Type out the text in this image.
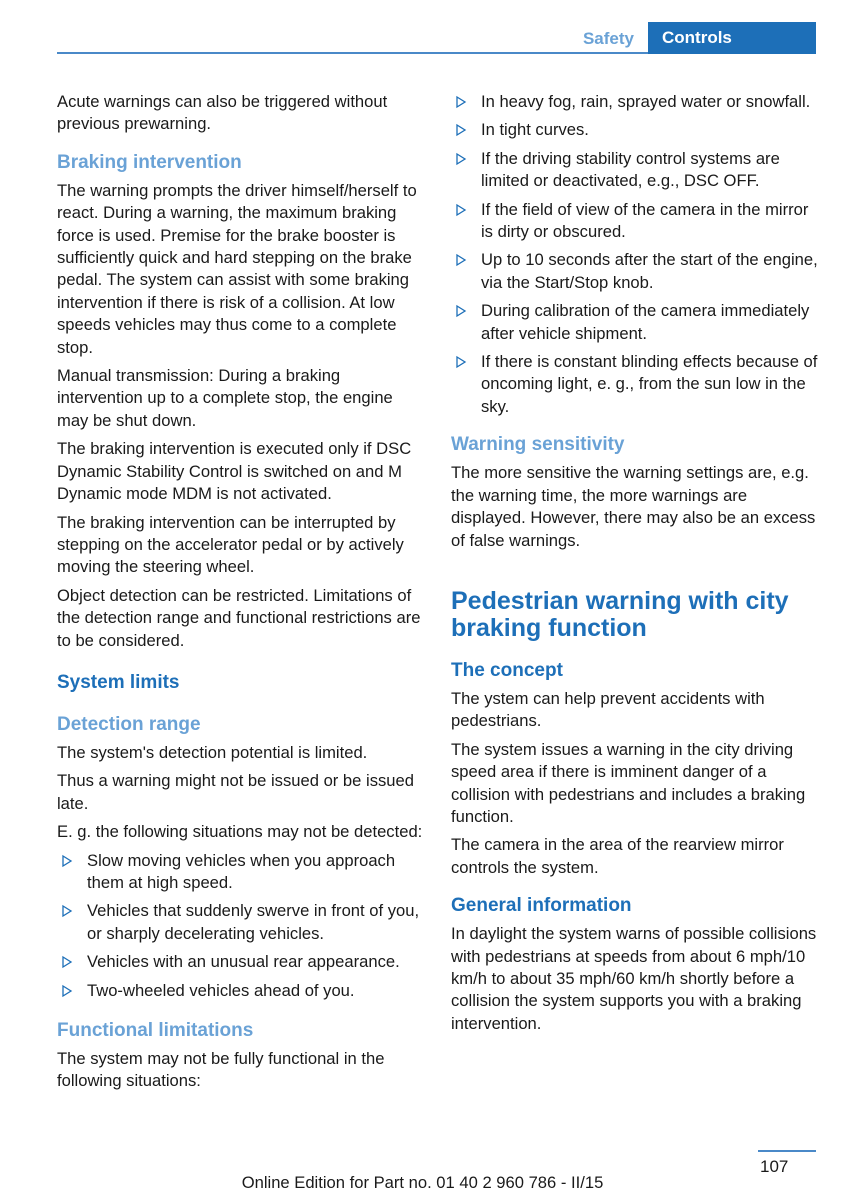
Safety	Controls

Acute warnings can also be triggered without previous prewarning.

Braking intervention

The warning prompts the driver himself/herself to react. During a warning, the maximum braking force is used. Premise for the brake booster is sufficiently quick and hard stepping on the brake pedal. The system can assist with some braking intervention if there is risk of a collision. At low speeds vehicles may thus come to a complete stop.

Manual transmission: During a braking intervention up to a complete stop, the engine may be shut down.

The braking intervention is executed only if DSC Dynamic Stability Control is switched on and M Dynamic mode MDM is not activated.

The braking intervention can be interrupted by stepping on the accelerator pedal or by actively moving the steering wheel.

Object detection can be restricted. Limitations of the detection range and functional restrictions are to be considered.

System limits
Detection range

The system's detection potential is limited.

Thus a warning might not be issued or be issued late.

E. g. the following situations may not be detected:

Slow moving vehicles when you approach them at high speed.
Vehicles that suddenly swerve in front of you, or sharply decelerating vehicles.
Vehicles with an unusual rear appearance.
Two-wheeled vehicles ahead of you.
Functional limitations

The system may not be fully functional in the following situations:

In heavy fog, rain, sprayed water or snowfall.
In tight curves.
If the driving stability control systems are limited or deactivated, e.g., DSC OFF.
If the field of view of the camera in the mirror is dirty or obscured.
Up to 10 seconds after the start of the engine, via the Start/Stop knob.
During calibration of the camera immediately after vehicle shipment.
If there is constant blinding effects because of oncoming light, e. g., from the sun low in the sky.
Warning sensitivity

The more sensitive the warning settings are, e.g. the warning time, the more warnings are displayed. However, there may also be an excess of false warnings.

Pedestrian warning with city braking function
The concept

The ystem can help prevent accidents with pedestrians.

The system issues a warning in the city driving speed area if there is imminent danger of a collision with pedestrians and includes a braking function.

The camera in the area of the rearview mirror controls the system.

General information

In daylight the system warns of possible collisions with pedestrians at speeds from about 6 mph/10 km/h to about 35 mph/60 km/h shortly before a collision the system supports you with a braking intervention.

107
Online Edition for Part no. 01 40 2 960 786 - II/15
